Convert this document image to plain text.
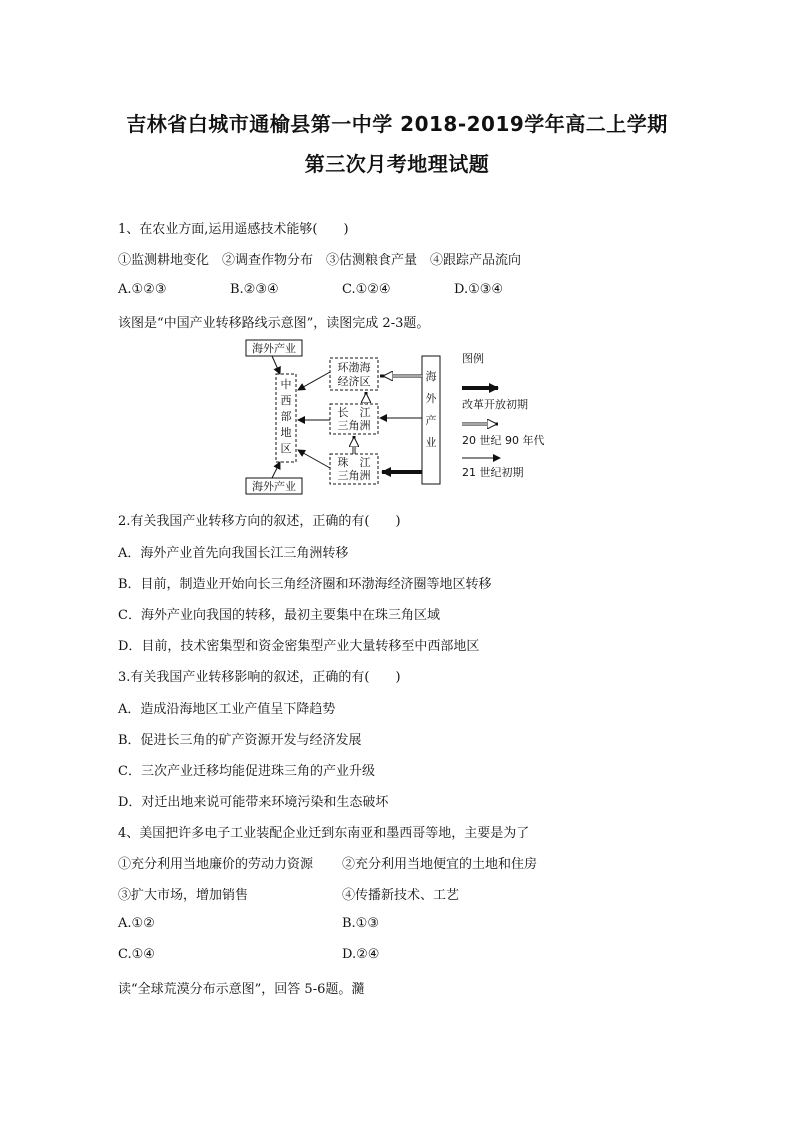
吉林省白城市通榆县第一中学 2018-2019学年高二上学期
第三次月考地理试题
1、在农业方面,运用遥感技术能够(　　)
①监测耕地变化　②调查作物分布　③估测粮食产量　④跟踪产品流向
A.①②③	B.②③④	C.①②④	D.①③④
该图是“中国产业转移路线示意图”，读图完成 2-3题。
海外产业
海外产业
中
西
部
地
区
环渤海
经济区
长　江
三角洲
珠　江
三角洲
海
外
产
业
图例
改革开放初期
20 世纪 90 年代
21 世纪初期
2.有关我国产业转移方向的叙述，正确的有(　　)
A．海外产业首先向我国长江三角洲转移
B．目前，制造业开始向长三角经济圈和环渤海经济圈等地区转移
C．海外产业向我国的转移，最初主要集中在珠三角区域
D．目前，技术密集型和资金密集型产业大量转移至中西部地区
3.有关我国产业转移影响的叙述，正确的有(　　)
A．造成沿海地区工业产值呈下降趋势
B．促进长三角的矿产资源开发与经济发展
C．三次产业迁移均能促进珠三角的产业升级
D．对迁出地来说可能带来环境污染和生态破坏
4、美国把许多电子工业装配企业迁到东南亚和墨西哥等地，主要是为了
①充分利用当地廉价的劳动力资源 ②充分利用当地便宜的土地和住房
③扩大市场，增加销售	④传播新技术、工艺
A.①②	B.①③
C.①④	D.②④
读“全球荒漠分布示意图”，回答 5-6题。瀡
